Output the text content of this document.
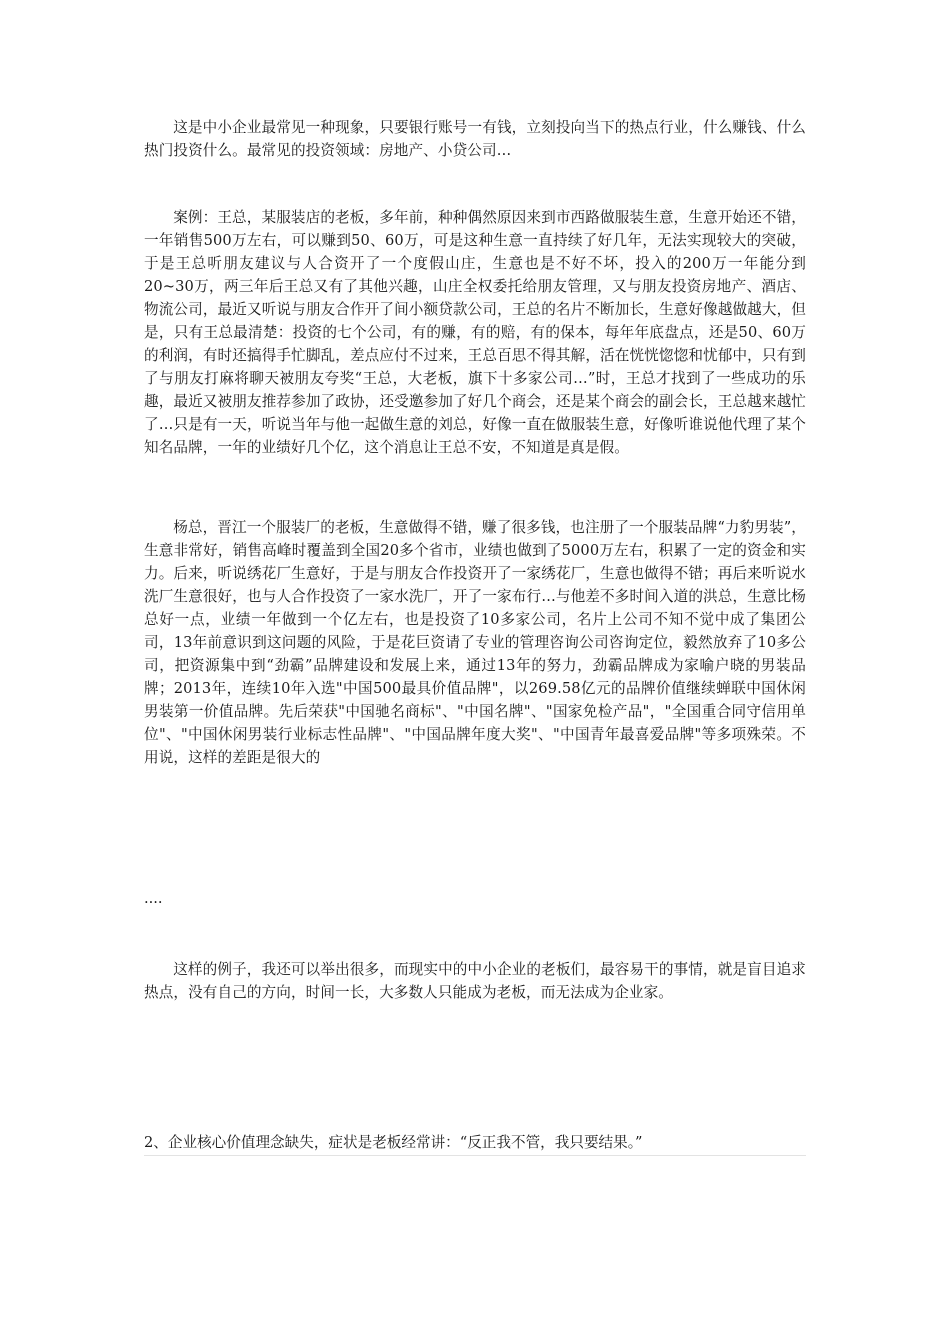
这是中小企业最常见一种现象，只要银行账号一有钱，立刻投向当下的热点行业，什么赚钱、什么热门投资什么。最常见的投资领域：房地产、小贷公司…

案例：王总，某服装店的老板，多年前，种种偶然原因来到市西路做服装生意，生意开始还不错，一年销售500万左右，可以赚到50、60万，可是这种生意一直持续了好几年，无法实现较大的突破，于是王总听朋友建议与人合资开了一个度假山庄，生意也是不好不坏，投入的200万一年能分到20~30万，两三年后王总又有了其他兴趣，山庄全权委托给朋友管理，又与朋友投资房地产、酒店、物流公司，最近又听说与朋友合作开了间小额贷款公司，王总的名片不断加长，生意好像越做越大，但是，只有王总最清楚：投资的七个公司，有的赚，有的赔，有的保本，每年年底盘点，还是50、60万的利润，有时还搞得手忙脚乱，差点应付不过来，王总百思不得其解，活在恍恍惚惚和忧郁中，只有到了与朋友打麻将聊天被朋友夸奖“王总，大老板，旗下十多家公司…”时，王总才找到了一些成功的乐趣，最近又被朋友推荐参加了政协，还受邀参加了好几个商会，还是某个商会的副会长，王总越来越忙了…只是有一天，听说当年与他一起做生意的刘总，好像一直在做服装生意，好像听谁说他代理了某个知名品牌，一年的业绩好几个亿，这个消息让王总不安，不知道是真是假。

杨总，晋江一个服装厂的老板，生意做得不错，赚了很多钱，也注册了一个服装品牌“力豹男装”，生意非常好，销售高峰时覆盖到全国20多个省市，业绩也做到了5000万左右，积累了一定的资金和实力。后来，听说绣花厂生意好，于是与朋友合作投资开了一家绣花厂，生意也做得不错；再后来听说水洗厂生意很好，也与人合作投资了一家水洗厂，开了一家布行…与他差不多时间入道的洪总，生意比杨总好一点，业绩一年做到一个亿左右，也是投资了10多家公司，名片上公司不知不觉中成了集团公司，13年前意识到这问题的风险，于是花巨资请了专业的管理咨询公司咨询定位，毅然放弃了10多公司，把资源集中到“劲霸”品牌建设和发展上来，通过13年的努力，劲霸品牌成为家喻户晓的男装品牌；2013年，连续10年入选"中国500最具价值品牌"，以269.58亿元的品牌价值继续蝉联中国休闲男装第一价值品牌。先后荣获"中国驰名商标"、"中国名牌"、"国家免检产品"，"全国重合同守信用单位"、"中国休闲男装行业标志性品牌"、"中国品牌年度大奖"、"中国青年最喜爱品牌"等多项殊荣。不用说，这样的差距是很大的

....

这样的例子，我还可以举出很多，而现实中的中小企业的老板们，最容易干的事情，就是盲目追求热点，没有自己的方向，时间一长，大多数人只能成为老板，而无法成为企业家。

2、企业核心价值理念缺失，症状是老板经常讲：“反正我不管，我只要结果。”
